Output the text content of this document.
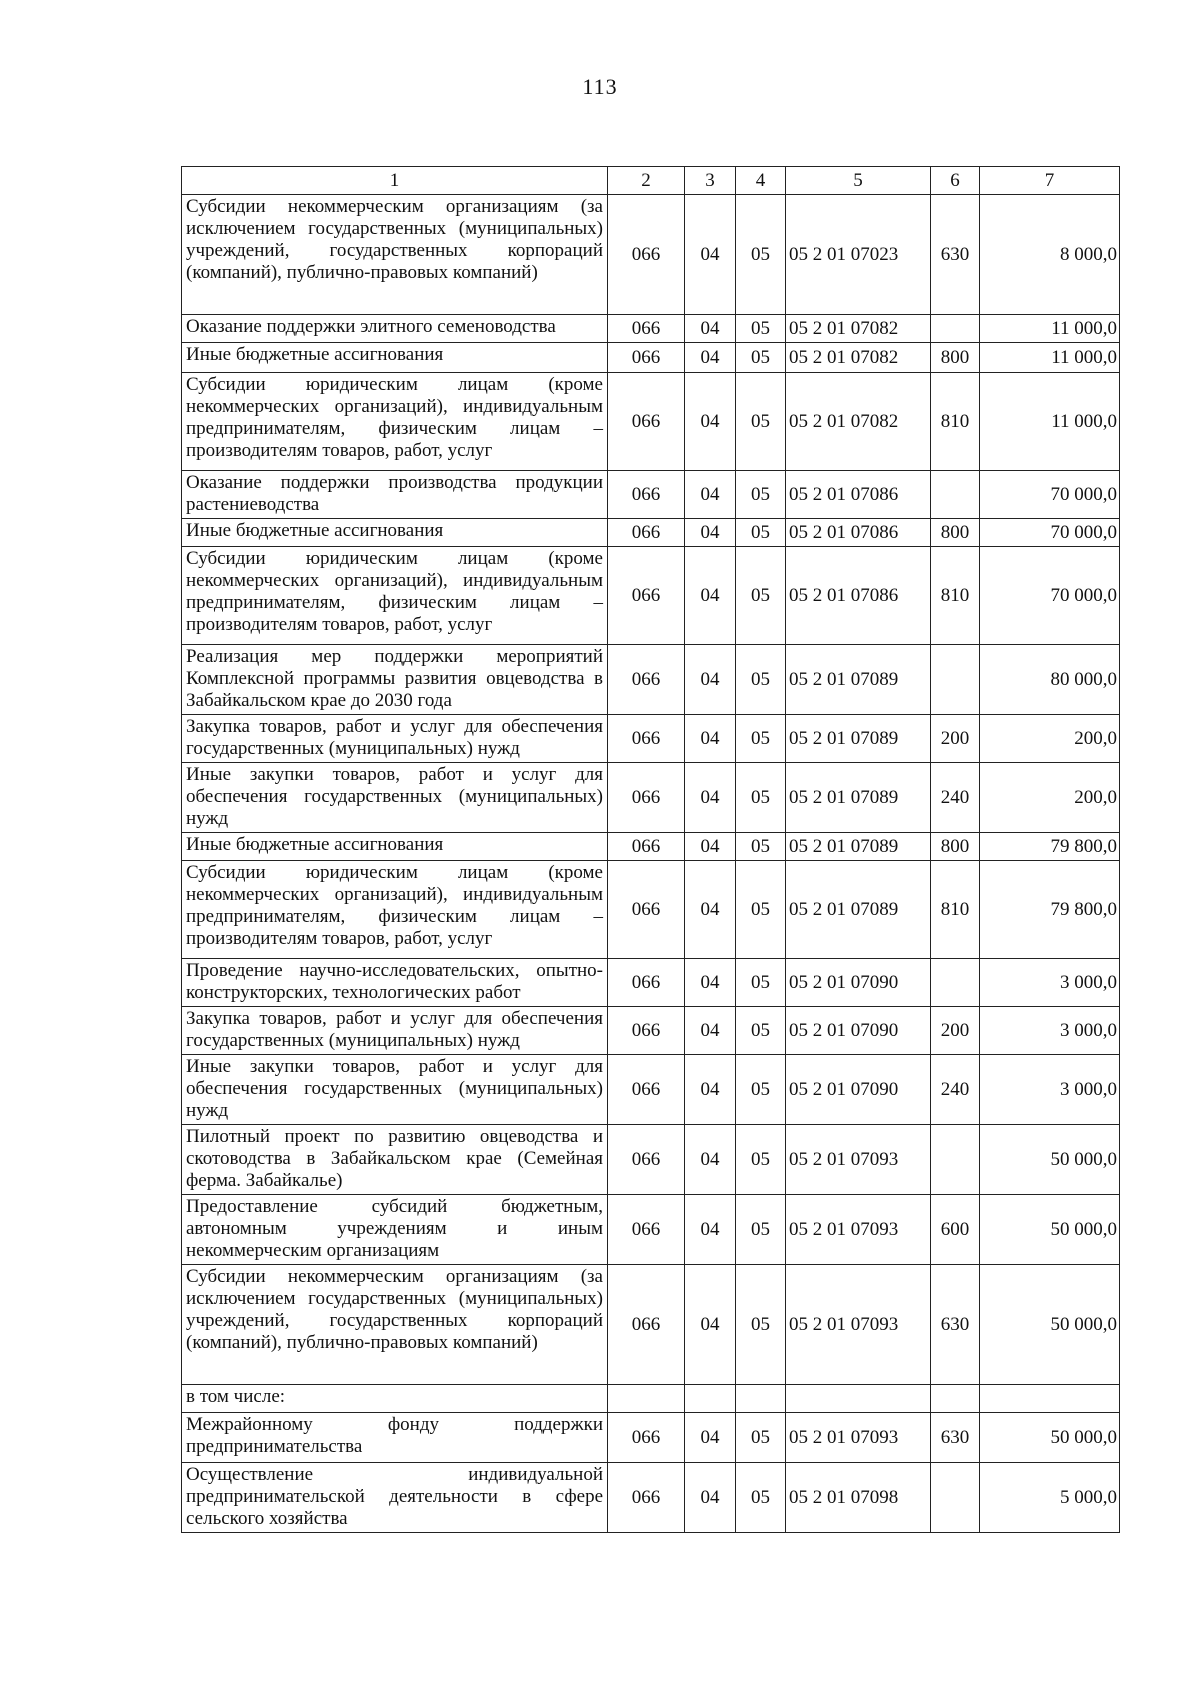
113
1	2	3	4	5	6	7
Субсидии некоммерческим организациям (за исключением государственных (муниципальных) учреждений, государственных корпораций (компаний), публично-правовых компаний)	066	04	05	05 2 01 07023	630	8 000,0
Оказание поддержки элитного семеноводства	066	04	05	05 2 01 07082		11 000,0
Иные бюджетные ассигнования	066	04	05	05 2 01 07082	800	11 000,0
Субсидии юридическим лицам (кроме некоммерческих организаций), индивидуальным предпринимателям, физическим лицам – производителям товаров, работ, услуг	066	04	05	05 2 01 07082	810	11 000,0
Оказание поддержки производства продукции растениеводства	066	04	05	05 2 01 07086		70 000,0
Иные бюджетные ассигнования	066	04	05	05 2 01 07086	800	70 000,0
Субсидии юридическим лицам (кроме некоммерческих организаций), индивидуальным предпринимателям, физическим лицам – производителям товаров, работ, услуг	066	04	05	05 2 01 07086	810	70 000,0
Реализация мер поддержки мероприятий Комплексной программы развития овцеводства в Забайкальском крае до 2030 года	066	04	05	05 2 01 07089		80 000,0
Закупка товаров, работ и услуг для обеспечения государственных (муниципальных) нужд	066	04	05	05 2 01 07089	200	200,0
Иные закупки товаров, работ и услуг для обеспечения государственных (муниципальных) нужд	066	04	05	05 2 01 07089	240	200,0
Иные бюджетные ассигнования	066	04	05	05 2 01 07089	800	79 800,0
Субсидии юридическим лицам (кроме некоммерческих организаций), индивидуальным предпринимателям, физическим лицам – производителям товаров, работ, услуг	066	04	05	05 2 01 07089	810	79 800,0
Проведение научно-исследовательских, опытно-конструкторских, технологических работ	066	04	05	05 2 01 07090		3 000,0
Закупка товаров, работ и услуг для обеспечения государственных (муниципальных) нужд	066	04	05	05 2 01 07090	200	3 000,0
Иные закупки товаров, работ и услуг для обеспечения государственных (муниципальных) нужд	066	04	05	05 2 01 07090	240	3 000,0
Пилотный проект по развитию овцеводства и скотоводства в Забайкальском крае (Семейная ферма. Забайкалье)	066	04	05	05 2 01 07093		50 000,0
Предоставление субсидий бюджетным, автономным учреждениям и иным некоммерческим организациям	066	04	05	05 2 01 07093	600	50 000,0
Субсидии некоммерческим организациям (за исключением государственных (муниципальных) учреждений, государственных корпораций (компаний), публично-правовых компаний)	066	04	05	05 2 01 07093	630	50 000,0
в том числе:						
Межрайонному фонду поддержки предпринимательства	066	04	05	05 2 01 07093	630	50 000,0
Осуществление индивидуальной предпринимательской деятельности в сфере сельского хозяйства	066	04	05	05 2 01 07098		5 000,0
